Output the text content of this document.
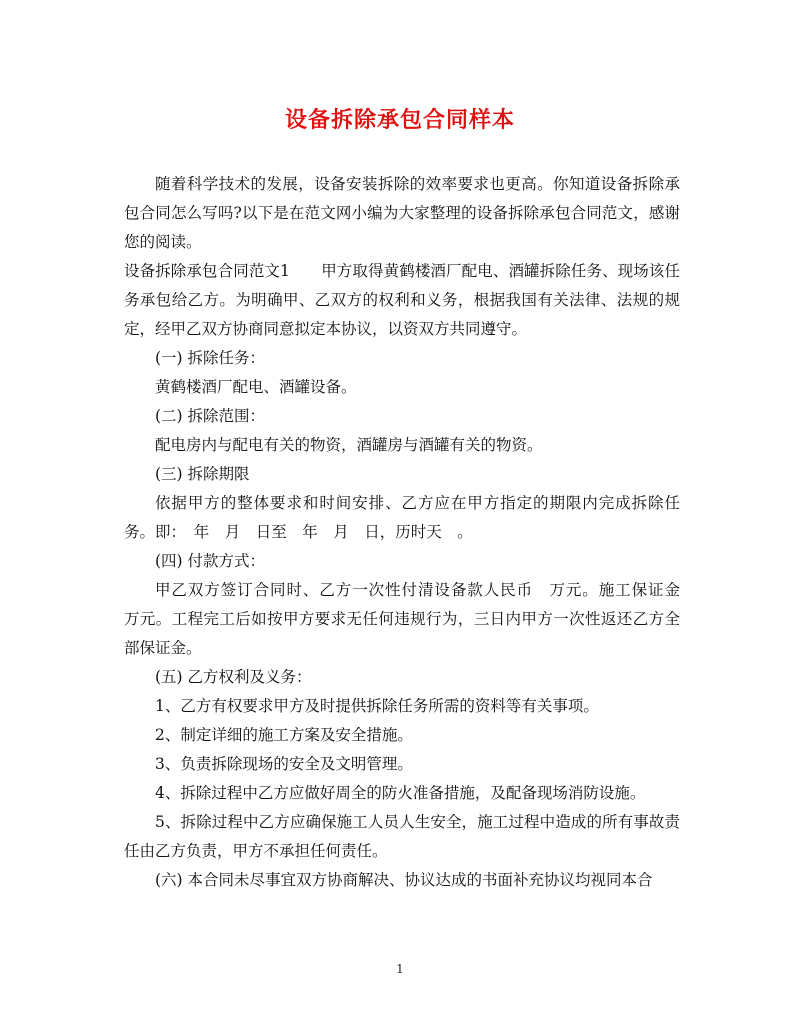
设备拆除承包合同样本

随着科学技术的发展，设备安装拆除的效率要求也更高。你知道设备拆除承包合同怎么写吗?以下是在范文网小编为大家整理的设备拆除承包合同范文，感谢您的阅读。

设备拆除承包合同范文1　　甲方取得黄鹤楼酒厂配电、酒罐拆除任务、现场该任务承包给乙方。为明确甲、乙双方的权利和义务，根据我国有关法律、法规的规定，经甲乙双方协商同意拟定本协议，以资双方共同遵守。

(一) 拆除任务：

黄鹤楼酒厂配电、酒罐设备。

(二) 拆除范围：

配电房内与配电有关的物资，酒罐房与酒罐有关的物资。

(三) 拆除期限

依据甲方的整体要求和时间安排、乙方应在甲方指定的期限内完成拆除任务。即：　年　月　日至　年　月　日，历时天　。

(四) 付款方式：

甲乙双方签订合同时、乙方一次性付清设备款人民币　万元。施工保证金　万元。工程完工后如按甲方要求无任何违规行为，三日内甲方一次性返还乙方全部保证金。

(五) 乙方权利及义务：

1、乙方有权要求甲方及时提供拆除任务所需的资料等有关事项。

2、制定详细的施工方案及安全措施。

3、负责拆除现场的安全及文明管理。

4、拆除过程中乙方应做好周全的防火准备措施，及配备现场消防设施。

5、拆除过程中乙方应确保施工人员人生安全，施工过程中造成的所有事故责任由乙方负责，甲方不承担任何责任。

(六) 本合同未尽事宜双方协商解决、协议达成的书面补充协议均视同本合

1
